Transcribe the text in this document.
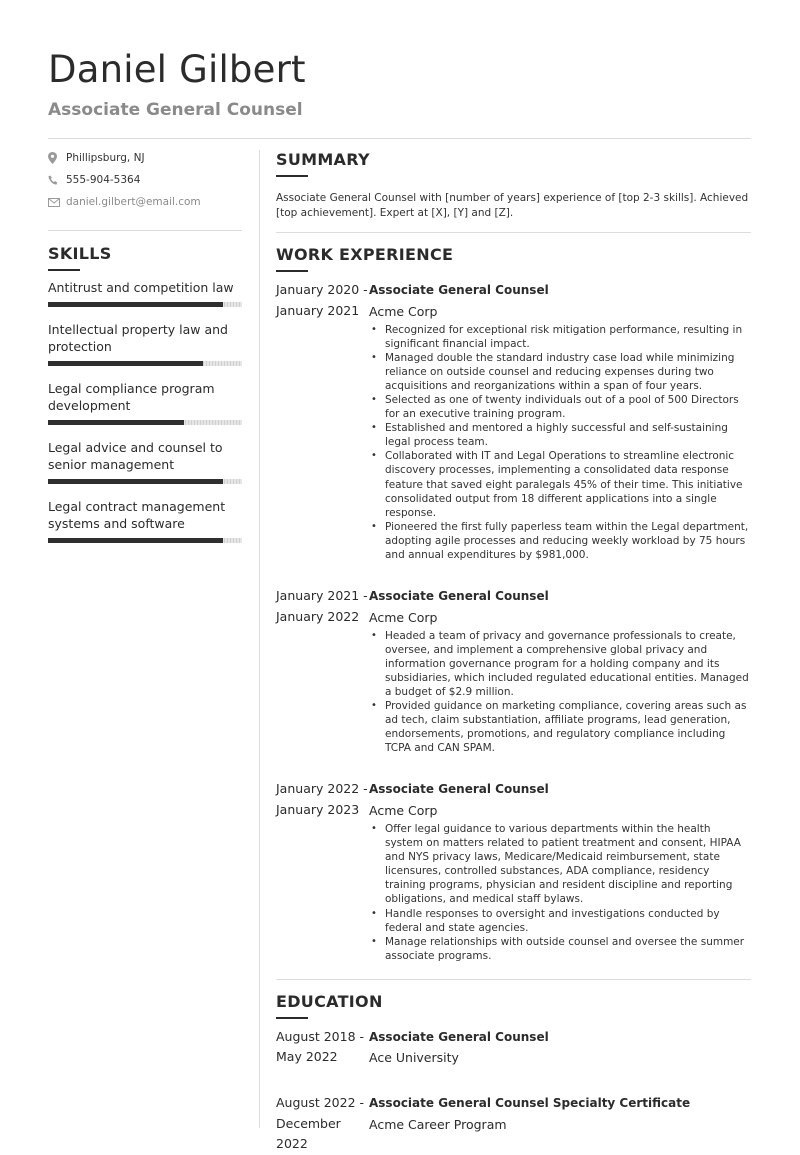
Daniel Gilbert
Associate General Counsel
Phillipsburg, NJ
555-904-5364
daniel.gilbert@email.com
SKILLS
Antitrust and competition law
Intellectual property law and protection
Legal compliance program development
Legal advice and counsel to senior management
Legal contract management systems and software
SUMMARY
Associate General Counsel with [number of years] experience of [top 2-3 skills]. Achieved [top achievement]. Expert at [X], [Y] and [Z].
WORK EXPERIENCE
January 2020 -
January 2021
Associate General Counsel
Acme Corp
• Recognized for exceptional risk mitigation performance, resulting in significant financial impact.
• Managed double the standard industry case load while minimizing reliance on outside counsel and reducing expenses during two acquisitions and reorganizations within a span of four years.
• Selected as one of twenty individuals out of a pool of 500 Directors for an executive training program.
• Established and mentored a highly successful and self-sustaining legal process team.
• Collaborated with IT and Legal Operations to streamline electronic discovery processes, implementing a consolidated data response feature that saved eight paralegals 45% of their time. This initiative consolidated output from 18 different applications into a single response.
• Pioneered the first fully paperless team within the Legal department, adopting agile processes and reducing weekly workload by 75 hours and annual expenditures by $981,000.
January 2021 -
January 2022
Associate General Counsel
Acme Corp
• Headed a team of privacy and governance professionals to create, oversee, and implement a comprehensive global privacy and information governance program for a holding company and its subsidiaries, which included regulated educational entities. Managed a budget of $2.9 million.
• Provided guidance on marketing compliance, covering areas such as ad tech, claim substantiation, affiliate programs, lead generation, endorsements, promotions, and regulatory compliance including TCPA and CAN SPAM.
January 2022 -
January 2023
Associate General Counsel
Acme Corp
• Offer legal guidance to various departments within the health system on matters related to patient treatment and consent, HIPAA and NYS privacy laws, Medicare/Medicaid reimbursement, state licensures, controlled substances, ADA compliance, residency training programs, physician and resident discipline and reporting obligations, and medical staff bylaws.
• Handle responses to oversight and investigations conducted by federal and state agencies.
• Manage relationships with outside counsel and oversee the summer associate programs.
EDUCATION
August 2018 -
May 2022
Associate General Counsel
Ace University
August 2022 -
December 2022
Associate General Counsel Specialty Certificate
Acme Career Program
